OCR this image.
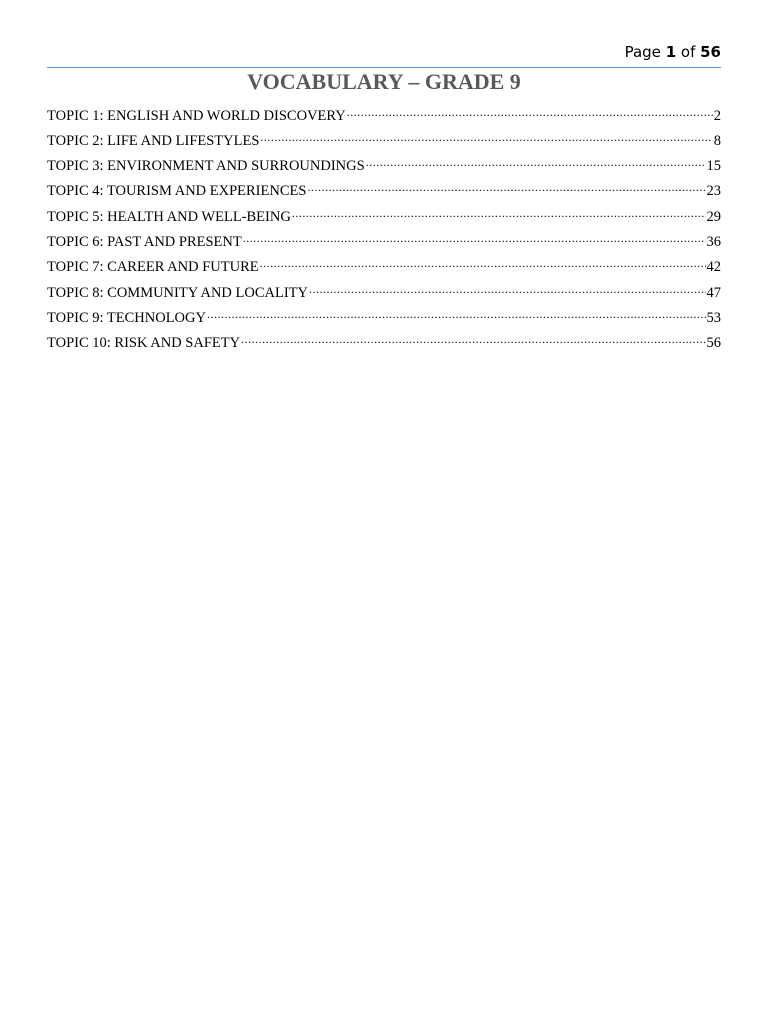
Page 1 of 56
VOCABULARY – GRADE 9
TOPIC 1: ENGLISH AND WORLD DISCOVERY .....	2
TOPIC 2: LIFE AND LIFESTYLES .....	8
TOPIC 3: ENVIRONMENT AND SURROUNDINGS .....	15
TOPIC 4: TOURISM AND EXPERIENCES .....	23
TOPIC 5: HEALTH AND WELL-BEING .....	29
TOPIC 6: PAST AND PRESENT .....	36
TOPIC 7: CAREER AND FUTURE .....	42
TOPIC 8: COMMUNITY AND LOCALITY .....	47
TOPIC 9: TECHNOLOGY .....	53
TOPIC 10: RISK AND SAFETY .....	56
